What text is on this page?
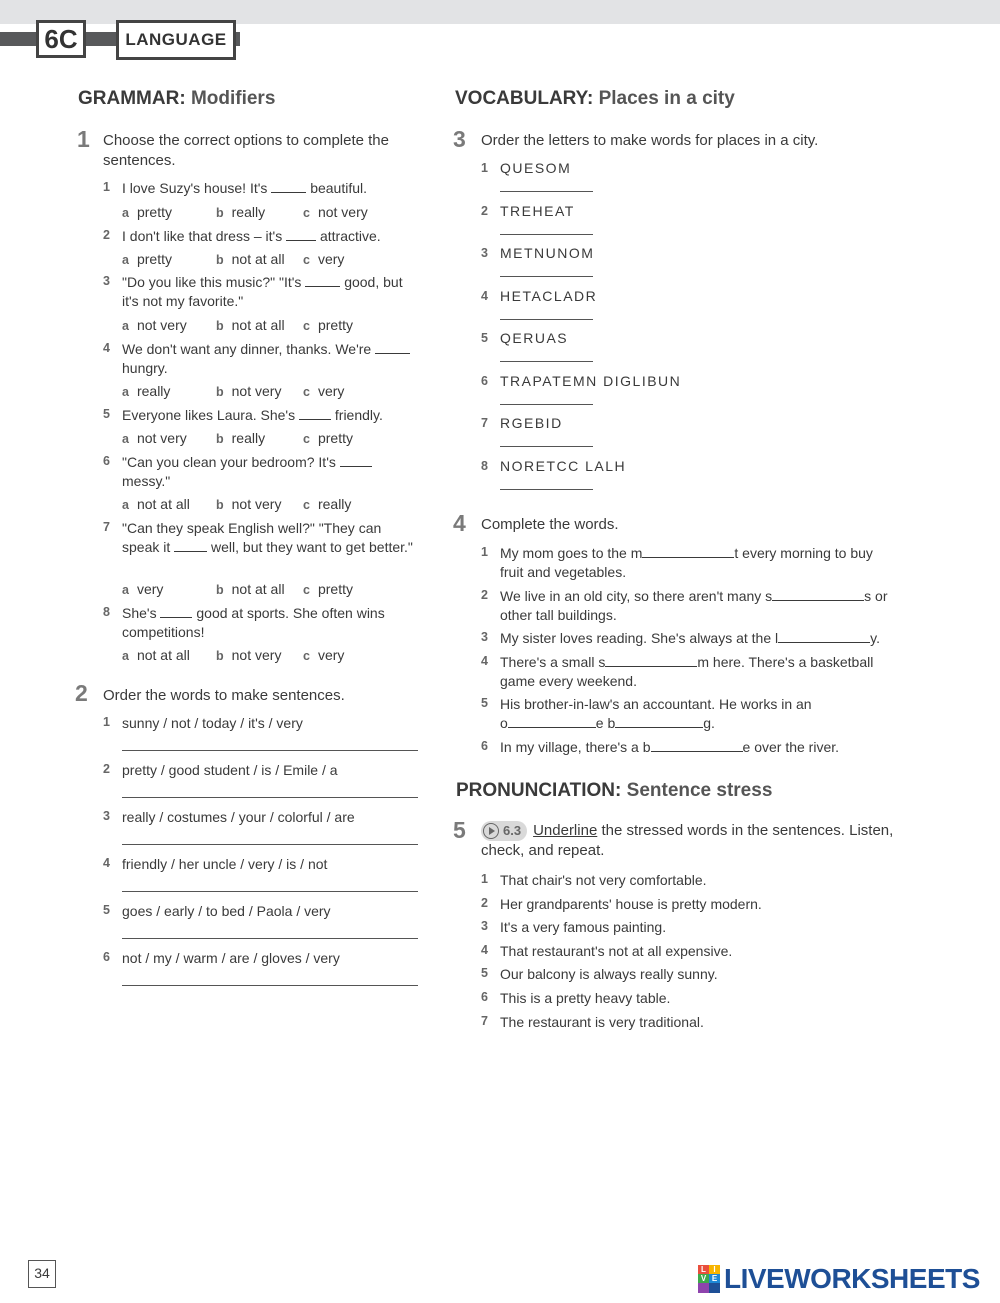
6C	LANGUAGE
GRAMMAR: Modifiers
1 Choose the correct options to complete the sentences.
1 I love Suzy's house! It's	beautiful.
a pretty	b really	c not very
2 I don't like that dress – it's	attractive.
a pretty	b not at all c very
3 "Do you like this music?" "It's	good, but it's not my favorite."
a not very b not at all c pretty
4 We don't want any dinner, thanks. We're  hungry.
a really	b not very c very
5 Everyone likes Laura. She's	friendly.
a not very b really	c pretty
6 "Can you clean your bedroom? It's  messy."
a not at all b not very c really
7 "Can they speak English well?" "They can speak it	well, but they want to get better."
a very	b not at all c pretty
8 She's	good at sports. She often wins competitions!
a not at all b not very c very
2 Order the words to make sentences.
1 sunny / not / today / it's / very
2 pretty / good student / is / Emile / a
3 really / costumes / your / colorful / are
4 friendly / her uncle / very / is / not
5 goes / early / to bed / Paola / very
6 not / my / warm / are / gloves / very
VOCABULARY: Places in a city
3 Order the letters to make words for places in a city.
1 QUESOM
2 TREHEAT
3 METNUNOM
4 HETACLADR
5 QERUAS
6 TRAPATEMN DIGLIBUN
7 RGEBID
8 NORETCC LALH
4 Complete the words.
1 My mom goes to the m	t every morning to buy
fruit and vegetables.
2 We live in an old city, so there aren't many s	s or
other tall buildings.
3 My sister loves reading. She's always at the l	y.
4 There's a small s	m here. There's a basketball
game every weekend.
5 His brother-in-law's an accountant. He works in an
o	e b	g.
6 In my village, there's a b	e over the river.
PRONUNCIATION: Sentence stress
5	6.3 Underline the stressed words in the sentences. Listen,
check, and repeat.
1 That chair's not very comfortable.
2 Her grandparents' house is pretty modern.
3 It's a very famous painting.
4 That restaurant's not at all expensive.
5 Our balcony is always really sunny.
6 This is a pretty heavy table.
7 The restaurant is very traditional.
34	L I
V E LIVEWORKSHEETS
